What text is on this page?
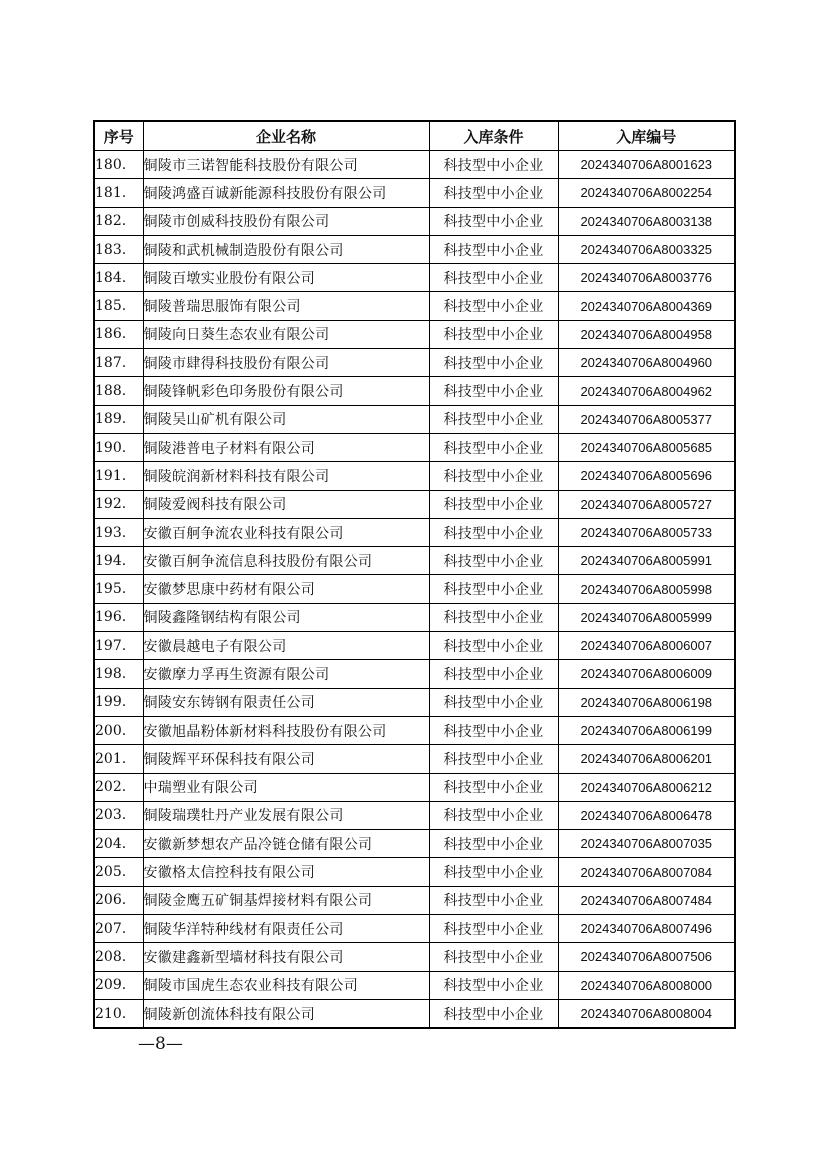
序号	企业名称	入库条件	入库编号
180.	铜陵市三诺智能科技股份有限公司	科技型中小企业	2024340706A8001623
181.	铜陵鸿盛百诚新能源科技股份有限公司	科技型中小企业	2024340706A8002254
182.	铜陵市创威科技股份有限公司	科技型中小企业	2024340706A8003138
183.	铜陵和武机械制造股份有限公司	科技型中小企业	2024340706A8003325
184.	铜陵百墩实业股份有限公司	科技型中小企业	2024340706A8003776
185.	铜陵普瑞思服饰有限公司	科技型中小企业	2024340706A8004369
186.	铜陵向日葵生态农业有限公司	科技型中小企业	2024340706A8004958
187.	铜陵市肆得科技股份有限公司	科技型中小企业	2024340706A8004960
188.	铜陵锋帆彩色印务股份有限公司	科技型中小企业	2024340706A8004962
189.	铜陵吴山矿机有限公司	科技型中小企业	2024340706A8005377
190.	铜陵港普电子材料有限公司	科技型中小企业	2024340706A8005685
191.	铜陵皖润新材料科技有限公司	科技型中小企业	2024340706A8005696
192.	铜陵爱阀科技有限公司	科技型中小企业	2024340706A8005727
193.	安徽百舸争流农业科技有限公司	科技型中小企业	2024340706A8005733
194.	安徽百舸争流信息科技股份有限公司	科技型中小企业	2024340706A8005991
195.	安徽梦思康中药材有限公司	科技型中小企业	2024340706A8005998
196.	铜陵鑫隆钢结构有限公司	科技型中小企业	2024340706A8005999
197.	安徽晨越电子有限公司	科技型中小企业	2024340706A8006007
198.	安徽摩力孚再生资源有限公司	科技型中小企业	2024340706A8006009
199.	铜陵安东铸钢有限责任公司	科技型中小企业	2024340706A8006198
200.	安徽旭晶粉体新材料科技股份有限公司	科技型中小企业	2024340706A8006199
201.	铜陵辉平环保科技有限公司	科技型中小企业	2024340706A8006201
202.	中瑞塑业有限公司	科技型中小企业	2024340706A8006212
203.	铜陵瑞璞牡丹产业发展有限公司	科技型中小企业	2024340706A8006478
204.	安徽新梦想农产品冷链仓储有限公司	科技型中小企业	2024340706A8007035
205.	安徽格太信控科技有限公司	科技型中小企业	2024340706A8007084
206.	铜陵金鹰五矿铜基焊接材料有限公司	科技型中小企业	2024340706A8007484
207.	铜陵华洋特种线材有限责任公司	科技型中小企业	2024340706A8007496
208.	安徽建鑫新型墙材科技有限公司	科技型中小企业	2024340706A8007506
209.	铜陵市国虎生态农业科技有限公司	科技型中小企业	2024340706A8008000
210.	铜陵新创流体科技有限公司	科技型中小企业	2024340706A8008004
—8—
